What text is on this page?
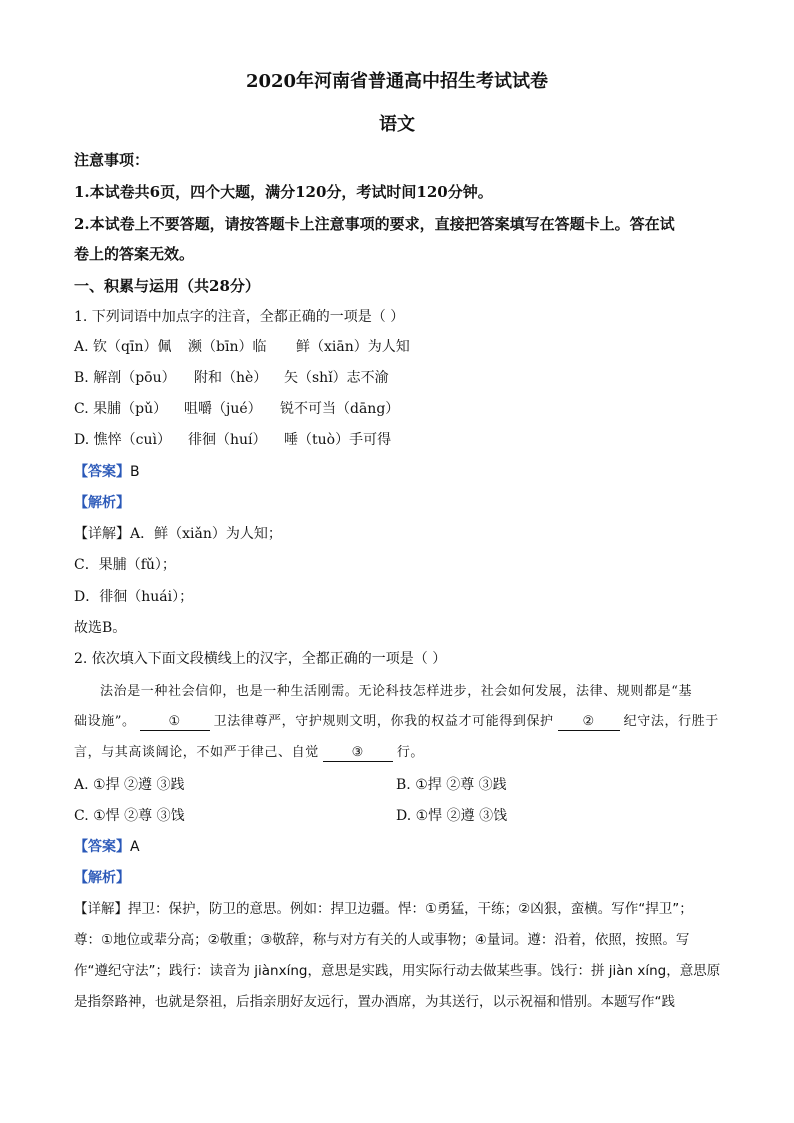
2020年河南省普通高中招生考试试卷
语文
注意事项：
1.本试卷共6页，四个大题，满分120分，考试时间120分钟。
2.本试卷上不要答题，请按答题卡上注意事项的要求，直接把答案填写在答题卡上。答在试
卷上的答案无效。
一、积累与运用（共28分）
1. 下列词语中加点字的注音，全都正确的一项是（ ）
A. 钦（qīn）佩 濒（bīn）临 鲜（xiān）为人知
B. 解剖（pōu） 附和（hè） 矢（shǐ）志不渝
C. 果脯（pǔ） 咀嚼（jué） 锐不可当（dāng）
D. 憔悴（cuì） 徘徊（huí） 唾（tuò）手可得
【答案】B
【解析】
【详解】A．鲜（xiǎn）为人知；
C．果脯（fǔ）；
D．徘徊（huái）；
故选B。
2. 依次填入下面文段横线上的汉字，全都正确的一项是（ ）
法治是一种社会信仰，也是一种生活刚需。无论科技怎样进步，社会如何发展，法律、规则都是“基
础设施”。	①	卫法律尊严，守护规则文明，你我的权益才可能得到保护 ② 纪守法，行胜于
言，与其高谈阔论，不如严于律己、自觉	③	行。
A. ①捍 ②遵 ③践	B. ①捍 ②尊 ③践
C. ①悍 ②尊 ③饯	D. ①悍 ②遵 ③饯
【答案】A
【解析】
【详解】捍卫：保护，防卫的意思。例如：捍卫边疆。悍：①勇猛，干练；②凶狠，蛮横。写作“捍卫”；
尊：①地位或辈分高；②敬重；③敬辞，称与对方有关的人或事物；④量词。遵：沿着，依照，按照。写
作“遵纪守法”；践行：读音为 jiànxíng，意思是实践，用实际行动去做某些事。饯行：拼 jiàn xíng，意思原
是指祭路神，也就是祭祖，后指亲朋好友远行，置办酒席，为其送行，以示祝福和惜别。本题写作“践
